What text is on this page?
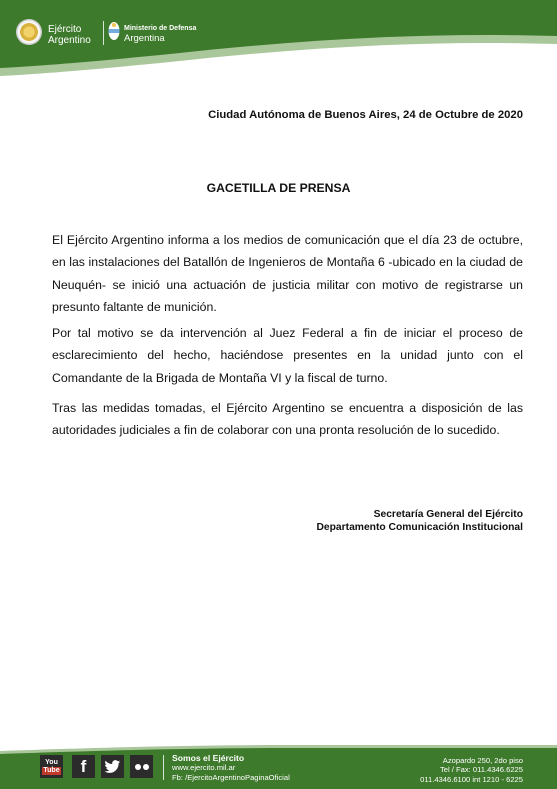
Ejército
Argentino
Ministerio de Defensa
Argentina
Ciudad Autónoma de Buenos Aires, 24 de Octubre de 2020
GACETILLA DE PRENSA
El Ejército Argentino informa a los medios de comunicación que el día 23 de octubre, en las instalaciones del Batallón de Ingenieros de Montaña 6 -ubicado en la ciudad de Neuquén- se inició una actuación de justicia militar con motivo de registrarse un presunto faltante de munición.
Por tal motivo se da intervención al Juez Federal a fin de iniciar el proceso de esclarecimiento del hecho, haciéndose presentes en la unidad junto con el Comandante de la Brigada de Montaña VI y la fiscal de turno.
Tras las medidas tomadas, el Ejército Argentino se encuentra a disposición de las autoridades judiciales a fin de colaborar con una pronta resolución de lo sucedido.
Secretaría General del Ejército
Departamento Comunicación Institucional
You
Tube f	Somos el Ejército
www.ejercito.mil.ar
Fb: /EjercitoArgentinoPaginaOficial
Azopardo 250, 2do piso
Tel / Fax: 011.4346.6225
011.4346.6100 int 1210 - 6225
